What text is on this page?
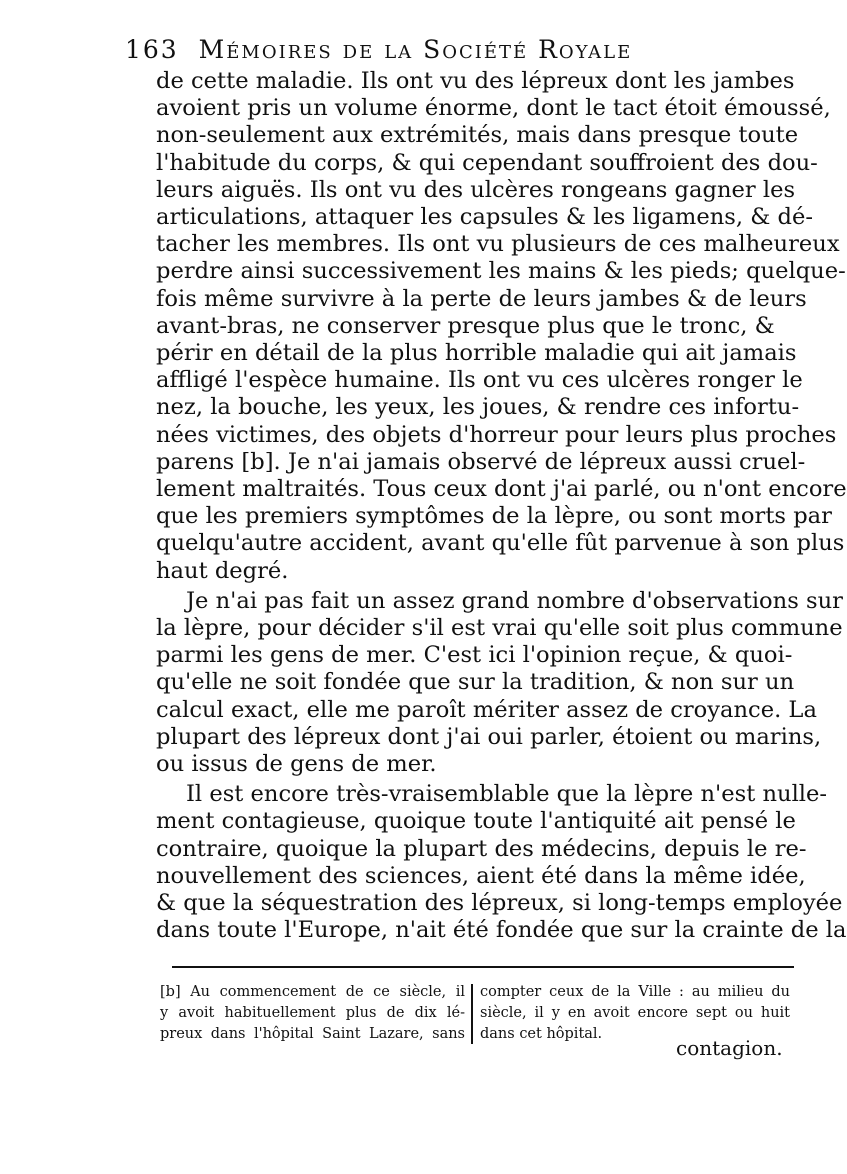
163 Mémoires de la Société Royale
de cette maladie. Ils ont vu des lépreux dont les jambes
avoient pris un volume énorme, dont le tact étoit émoussé,
non-seulement aux extrémités, mais dans presque toute
l'habitude du corps, & qui cependant souffroient des dou-
leurs aiguës. Ils ont vu des ulcères rongeans gagner les
articulations, attaquer les capsules & les ligamens, & dé-
tacher les membres. Ils ont vu plusieurs de ces malheureux
perdre ainsi successivement les mains & les pieds; quelque-
fois même survivre à la perte de leurs jambes & de leurs
avant-bras, ne conserver presque plus que le tronc, &
périr en détail de la plus horrible maladie qui ait jamais
affligé l'espèce humaine. Ils ont vu ces ulcères ronger le
nez, la bouche, les yeux, les joues, & rendre ces infortu-
nées victimes, des objets d'horreur pour leurs plus proches
parens [b]. Je n'ai jamais observé de lépreux aussi cruel-
lement maltraités. Tous ceux dont j'ai parlé, ou n'ont encore
que les premiers symptômes de la lèpre, ou sont morts par
quelqu'autre accident, avant qu'elle fût parvenue à son plus
haut degré.
Je n'ai pas fait un assez grand nombre d'observations sur
la lèpre, pour décider s'il est vrai qu'elle soit plus commune
parmi les gens de mer. C'est ici l'opinion reçue, & quoi-
qu'elle ne soit fondée que sur la tradition, & non sur un
calcul exact, elle me paroît mériter assez de croyance. La
plupart des lépreux dont j'ai oui parler, étoient ou marins,
ou issus de gens de mer.
Il est encore très-vraisemblable que la lèpre n'est nulle-
ment contagieuse, quoique toute l'antiquité ait pensé le
contraire, quoique la plupart des médecins, depuis le re-
nouvellement des sciences, aient été dans la même idée,
& que la séquestration des lépreux, si long-temps employée
dans toute l'Europe, n'ait été fondée que sur la crainte de la
[b] Au commencement de ce siècle, il
y avoit habituellement plus de dix lé-
preux dans l'hôpital Saint Lazare, sans
compter ceux de la Ville : au milieu du
siècle, il y en avoit encore sept ou huit
dans cet hôpital.
contagion.
